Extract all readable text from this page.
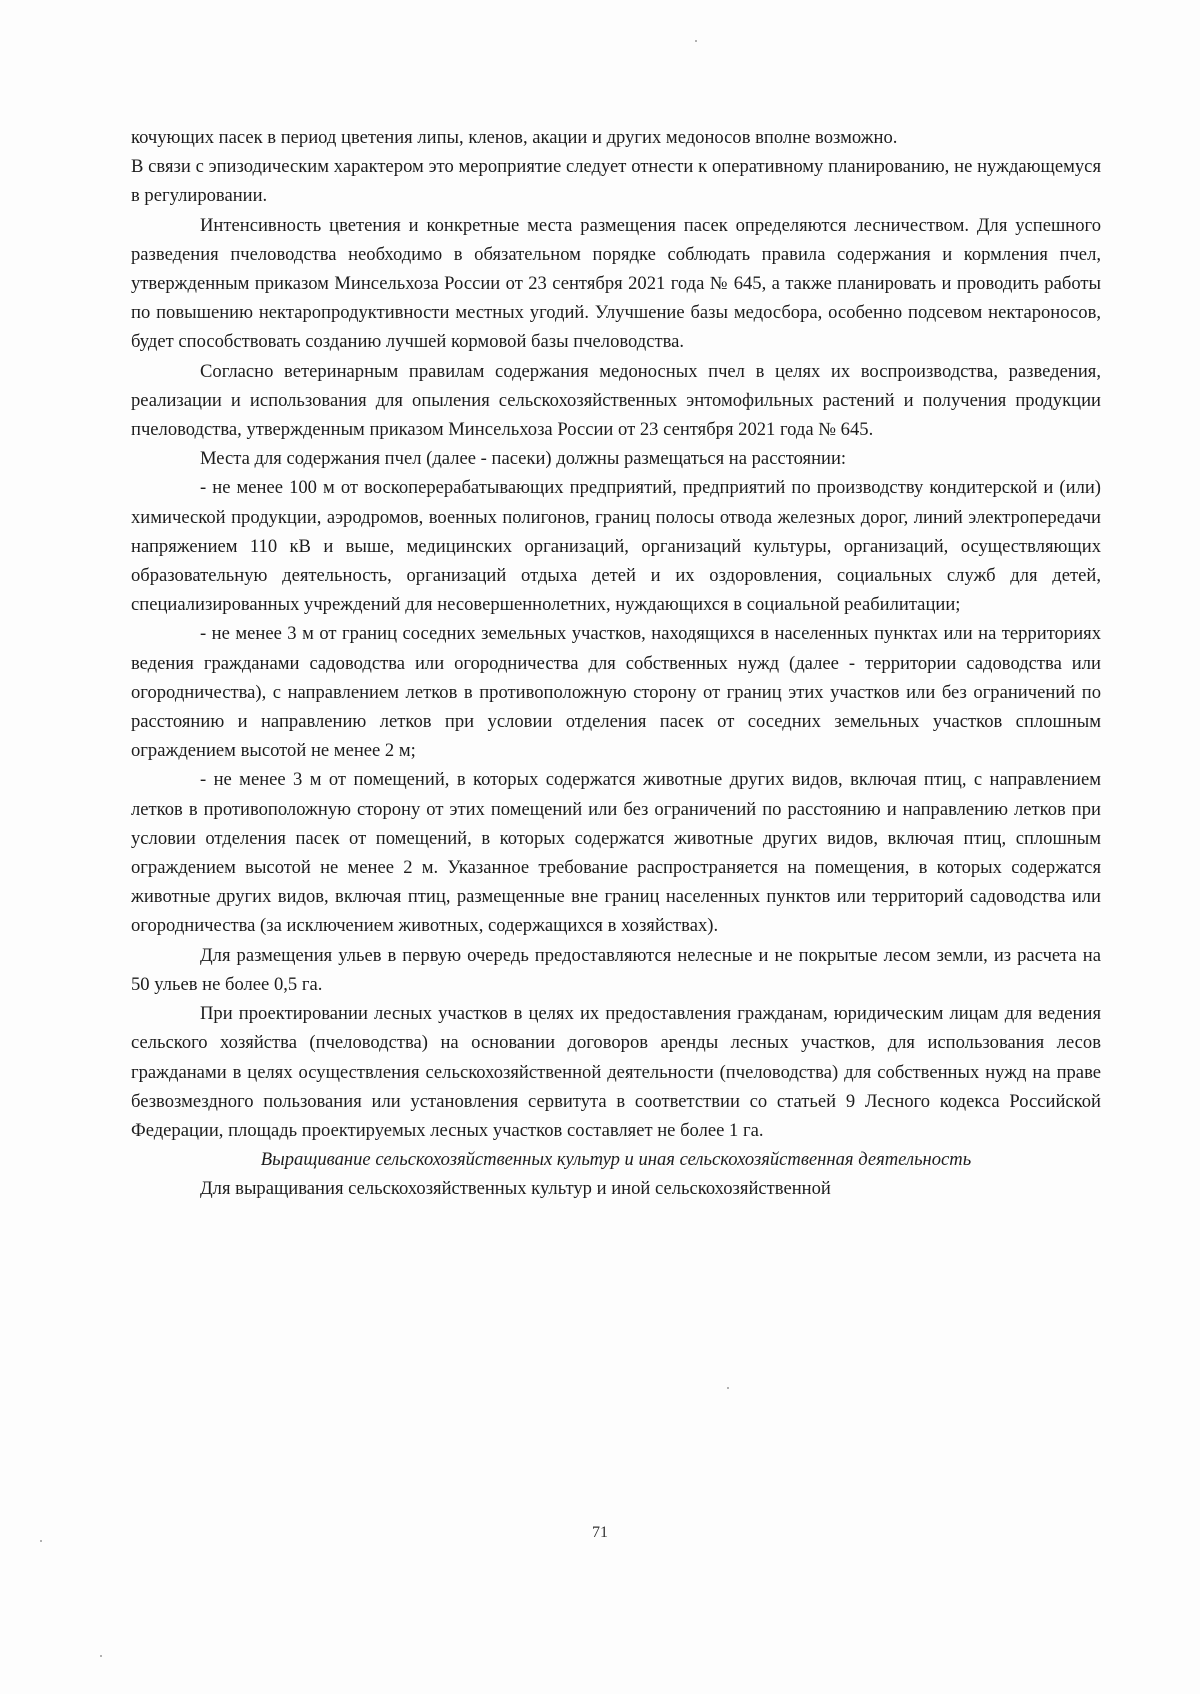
кочующих пасек в период цветения липы, кленов, акации и других медоносов вполне возможно.

В связи с эпизодическим характером это мероприятие следует отнести к оперативному планированию, не нуждающемуся в регулировании.

Интенсивность цветения и конкретные места размещения пасек определяются лесничеством. Для успешного разведения пчеловодства необходимо в обязательном порядке соблюдать правила содержания и кормления пчел, утвержденным приказом Минсельхоза России от 23 сентября 2021 года № 645, а также планировать и проводить работы по повышению нектаропродуктивности местных угодий. Улучшение базы медосбора, особенно подсевом нектароносов, будет способствовать созданию лучшей кормовой базы пчеловодства.

Согласно ветеринарным правилам содержания медоносных пчел в целях их воспроизводства, разведения, реализации и использования для опыления сельскохозяйственных энтомофильных растений и получения продукции пчеловодства, утвержденным приказом Минсельхоза России от 23 сентября 2021 года № 645.

Места для содержания пчел (далее - пасеки) должны размещаться на расстоянии:

- не менее 100 м от воскоперерабатывающих предприятий, предприятий по производству кондитерской и (или) химической продукции, аэродромов, военных полигонов, границ полосы отвода железных дорог, линий электропередачи напряжением 110 кВ и выше, медицинских организаций, организаций культуры, организаций, осуществляющих образовательную деятельность, организаций отдыха детей и их оздоровления, социальных служб для детей, специализированных учреждений для несовершеннолетних, нуждающихся в социальной реабилитации;

- не менее 3 м от границ соседних земельных участков, находящихся в населенных пунктах или на территориях ведения гражданами садоводства или огородничества для собственных нужд (далее - территории садоводства или огородничества), с направлением летков в противоположную сторону от границ этих участков или без ограничений по расстоянию и направлению летков при условии отделения пасек от соседних земельных участков сплошным ограждением высотой не менее 2 м;

- не менее 3 м от помещений, в которых содержатся животные других видов, включая птиц, с направлением летков в противоположную сторону от этих помещений или без ограничений по расстоянию и направлению летков при условии отделения пасек от помещений, в которых содержатся животные других видов, включая птиц, сплошным ограждением высотой не менее 2 м. Указанное требование распространяется на помещения, в которых содержатся животные других видов, включая птиц, размещенные вне границ населенных пунктов или территорий садоводства или огородничества (за исключением животных, содержащихся в хозяйствах).

Для размещения ульев в первую очередь предоставляются нелесные и не покрытые лесом земли, из расчета на 50 ульев не более 0,5 га.

При проектировании лесных участков в целях их предоставления гражданам, юридическим лицам для ведения сельского хозяйства (пчеловодства) на основании договоров аренды лесных участков, для использования лесов гражданами в целях осуществления сельскохозяйственной деятельности (пчеловодства) для собственных нужд на праве безвозмездного пользования или установления сервитута в соответствии со статьей 9 Лесного кодекса Российской Федерации, площадь проектируемых лесных участков составляет не более 1 га.

Выращивание сельскохозяйственных культур и иная сельскохозяйственная деятельность

Для выращивания сельскохозяйственных культур и иной сельскохозяйственной

71
